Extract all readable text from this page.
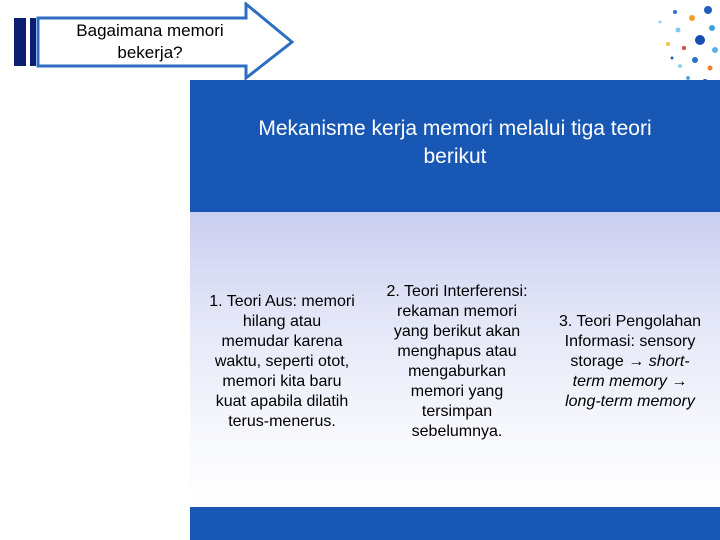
Bagaimana memori
bekerja?
Mekanisme kerja memori melalui tiga teori
berikut
1. Teori Aus: memori
hilang atau
memudar karena
waktu, seperti otot,
memori kita baru
kuat apabila dilatih
terus-menerus.
2. Teori Interferensi:
rekaman memori
yang berikut akan
menghapus atau
mengaburkan
memori yang
tersimpan
sebelumnya.
3. Teori Pengolahan
Informasi: sensory
storage → short-
term memory →
long-term memory
